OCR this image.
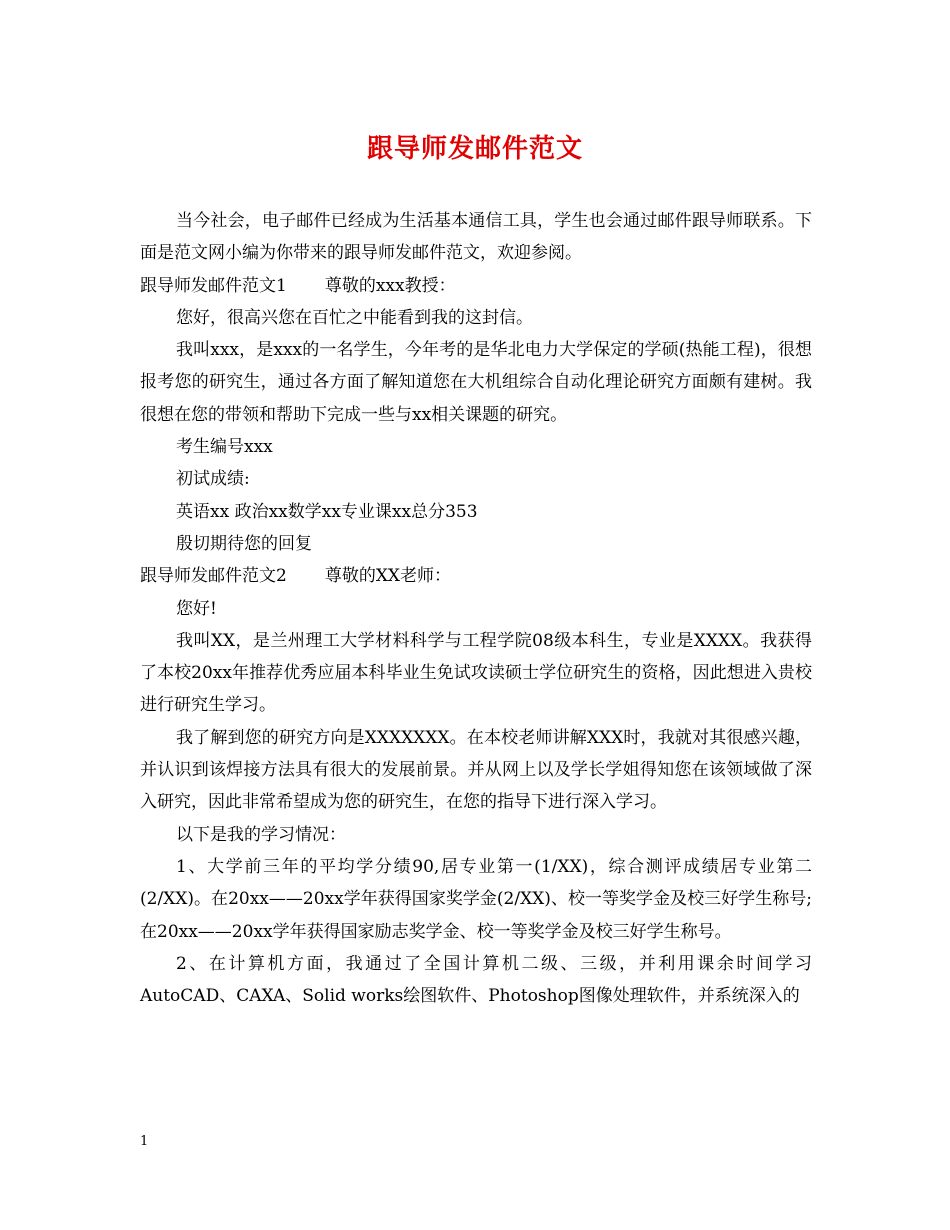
跟导师发邮件范文

当今社会，电子邮件已经成为生活基本通信工具，学生也会通过邮件跟导师联系。下面是范文网小编为你带来的跟导师发邮件范文，欢迎参阅。

跟导师发邮件范文1 尊敬的xxx教授：

您好，很高兴您在百忙之中能看到我的这封信。

我叫xxx，是xxx的一名学生，今年考的是华北电力大学保定的学硕(热能工程)，很想报考您的研究生，通过各方面了解知道您在大机组综合自动化理论研究方面颇有建树。我很想在您的带领和帮助下完成一些与xx相关课题的研究。

考生编号xxx

初试成绩:

英语xx 政治xx数学xx专业课xx总分353

殷切期待您的回复

跟导师发邮件范文2 尊敬的XX老师：

您好!

我叫XX，是兰州理工大学材料科学与工程学院08级本科生，专业是XXXX。我获得了本校20xx年推荐优秀应届本科毕业生免试攻读硕士学位研究生的资格，因此想进入贵校进行研究生学习。

我了解到您的研究方向是XXXXXXX。在本校老师讲解XXX时，我就对其很感兴趣，并认识到该焊接方法具有很大的发展前景。并从网上以及学长学姐得知您在该领域做了深入研究，因此非常希望成为您的研究生，在您的指导下进行深入学习。

以下是我的学习情况：

1、大学前三年的平均学分绩90,居专业第一(1/XX)，综合测评成绩居专业第二(2/XX)。在20xx——20xx学年获得国家奖学金(2/XX)、校一等奖学金及校三好学生称号;在20xx——20xx学年获得国家励志奖学金、校一等奖学金及校三好学生称号。

2、在计算机方面，我通过了全国计算机二级、三级，并利用课余时间学习AutoCAD、CAXA、Solid works绘图软件、Photoshop图像处理软件，并系统深入的

1
